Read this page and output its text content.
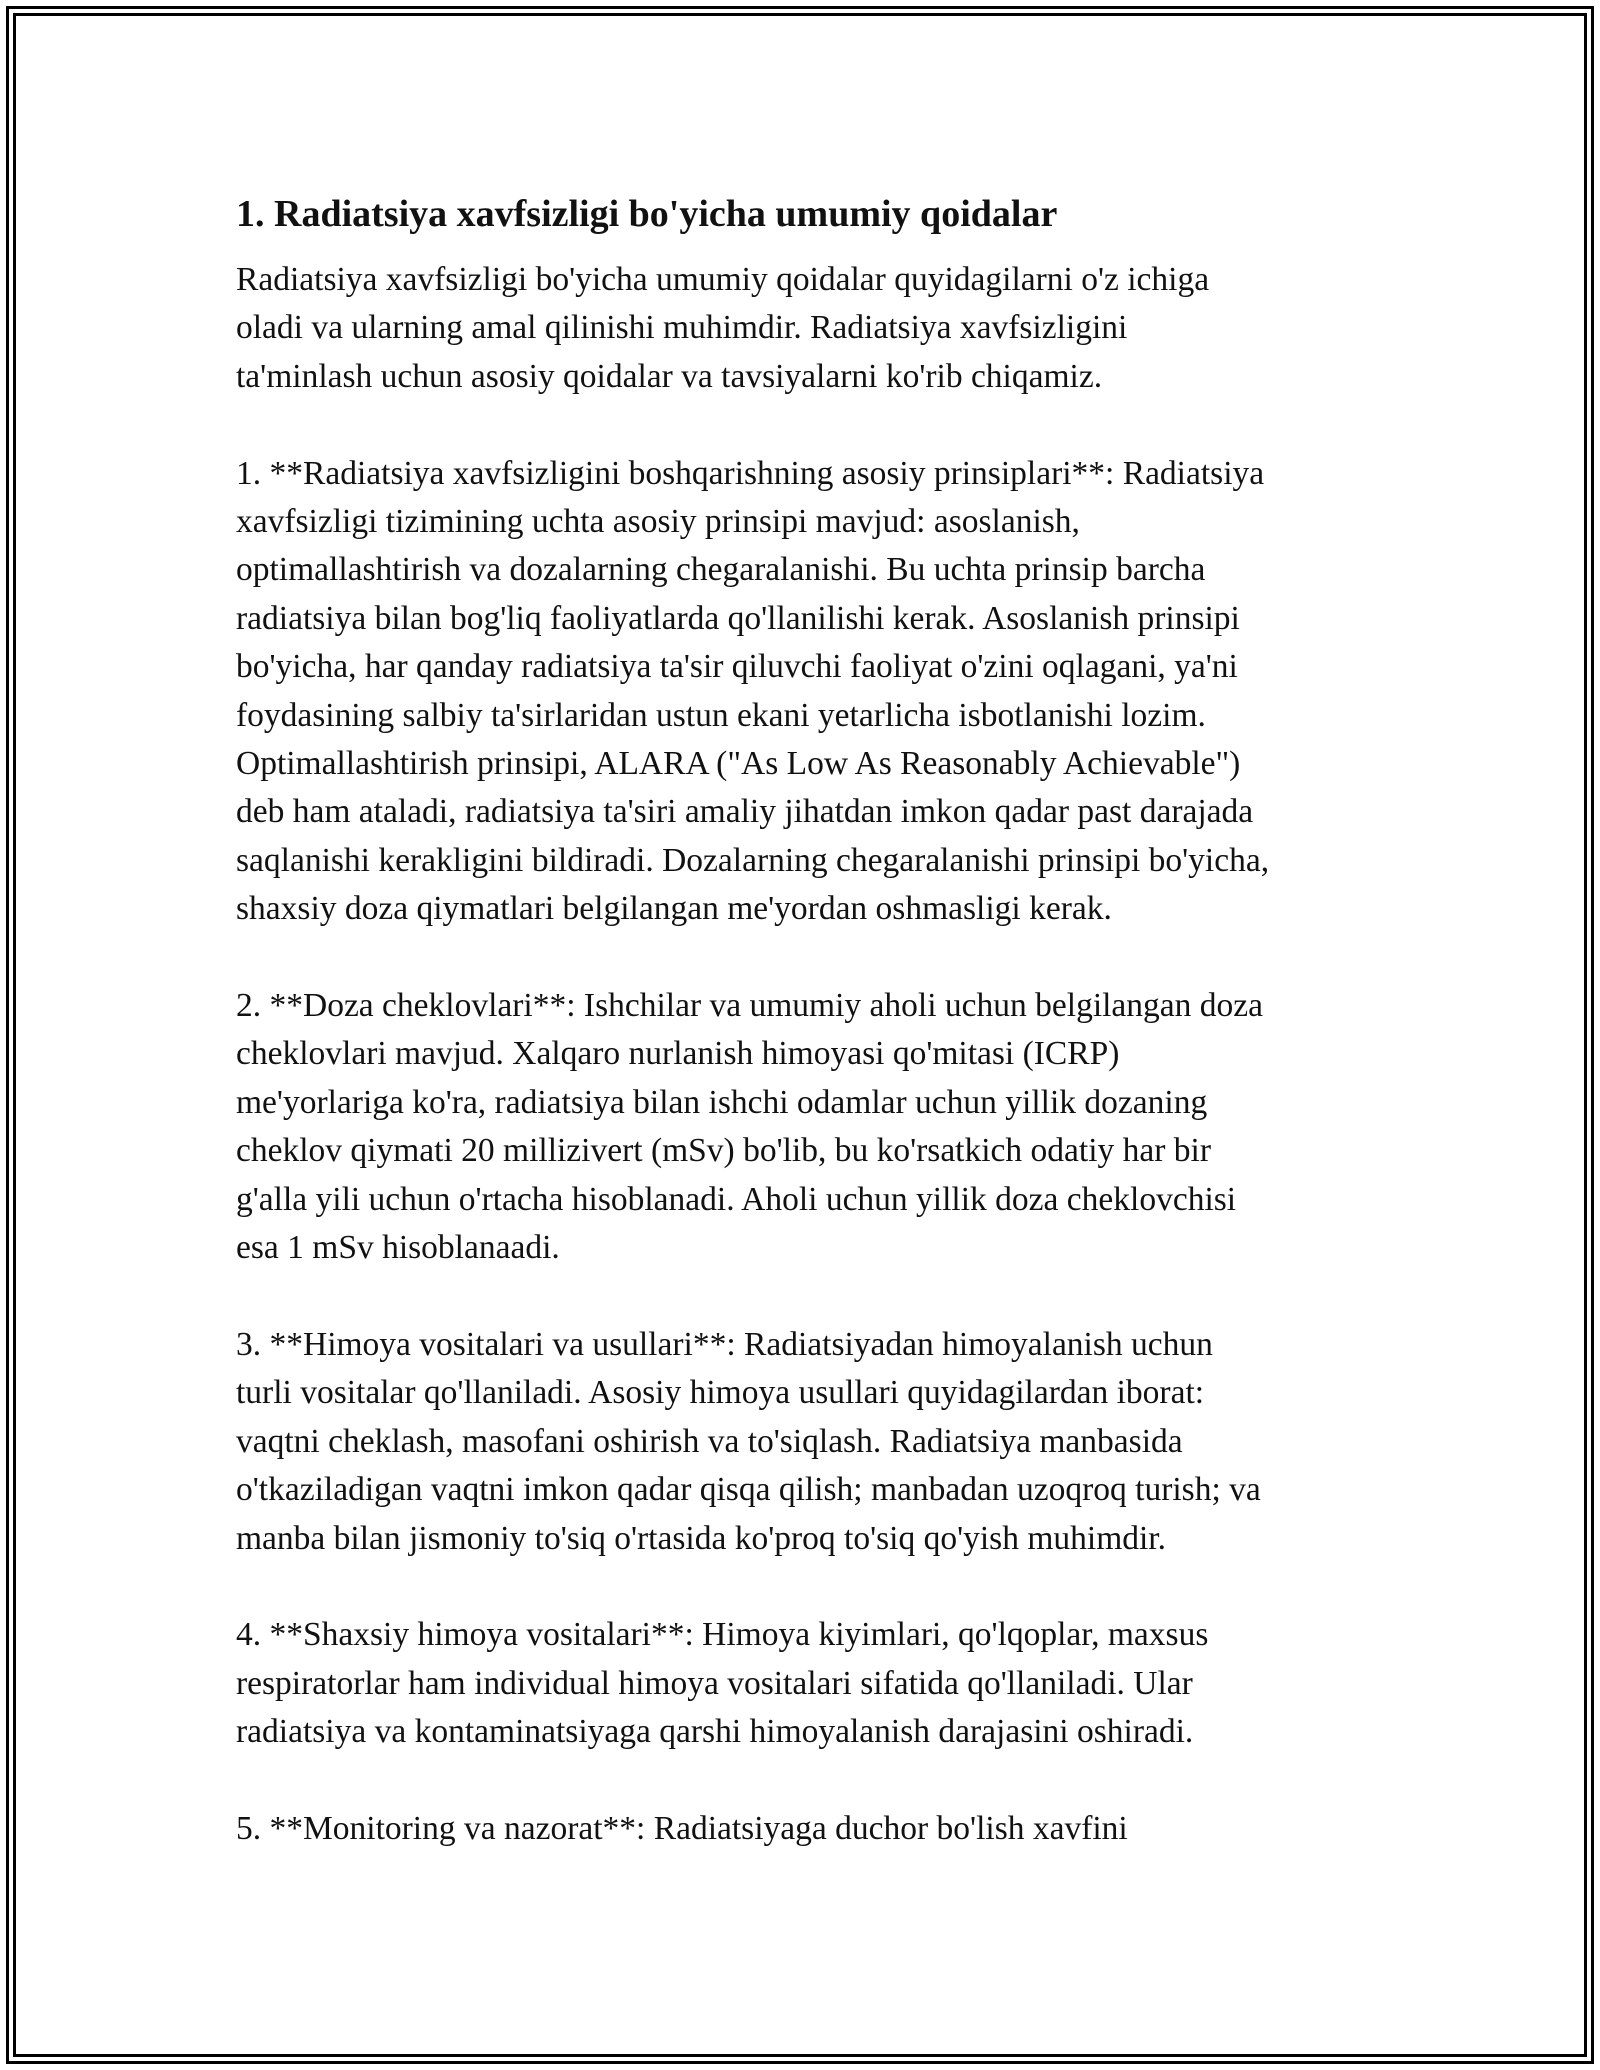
1. Radiatsiya xavfsizligi bo'yicha umumiy qoidalar
Radiatsiya xavfsizligi bo'yicha umumiy qoidalar quyidagilarni o'z ichiga
oladi va ularning amal qilinishi muhimdir. Radiatsiya xavfsizligini
ta'minlash uchun asosiy qoidalar va tavsiyalarni ko'rib chiqamiz.
1. **Radiatsiya xavfsizligini boshqarishning asosiy prinsiplari**: Radiatsiya
xavfsizligi tizimining uchta asosiy prinsipi mavjud: asoslanish,
optimallashtirish va dozalarning chegaralanishi. Bu uchta prinsip barcha
radiatsiya bilan bog'liq faoliyatlarda qo'llanilishi kerak. Asoslanish prinsipi
bo'yicha, har qanday radiatsiya ta'sir qiluvchi faoliyat o'zini oqlagani, ya'ni
foydasining salbiy ta'sirlaridan ustun ekani yetarlicha isbotlanishi lozim.
Optimallashtirish prinsipi, ALARA ("As Low As Reasonably Achievable")
deb ham ataladi, radiatsiya ta'siri amaliy jihatdan imkon qadar past darajada
saqlanishi kerakligini bildiradi. Dozalarning chegaralanishi prinsipi bo'yicha,
shaxsiy doza qiymatlari belgilangan me'yordan oshmasligi kerak.
2. **Doza cheklovlari**: Ishchilar va umumiy aholi uchun belgilangan doza
cheklovlari mavjud. Xalqaro nurlanish himoyasi qo'mitasi (ICRP)
me'yorlariga ko'ra, radiatsiya bilan ishchi odamlar uchun yillik dozaning
cheklov qiymati 20 millizivert (mSv) bo'lib, bu ko'rsatkich odatiy har bir
g'alla yili uchun o'rtacha hisoblanadi. Aholi uchun yillik doza cheklovchisi
esa 1 mSv hisoblanaadi.
3. **Himoya vositalari va usullari**: Radiatsiyadan himoyalanish uchun
turli vositalar qo'llaniladi. Asosiy himoya usullari quyidagilardan iborat:
vaqtni cheklash, masofani oshirish va to'siqlash. Radiatsiya manbasida
o'tkaziladigan vaqtni imkon qadar qisqa qilish; manbadan uzoqroq turish; va
manba bilan jismoniy to'siq o'rtasida ko'proq to'siq qo'yish muhimdir.
4. **Shaxsiy himoya vositalari**: Himoya kiyimlari, qo'lqoplar, maxsus
respiratorlar ham individual himoya vositalari sifatida qo'llaniladi. Ular
radiatsiya va kontaminatsiyaga qarshi himoyalanish darajasini oshiradi.
5. **Monitoring va nazorat**: Radiatsiyaga duchor bo'lish xavfini
